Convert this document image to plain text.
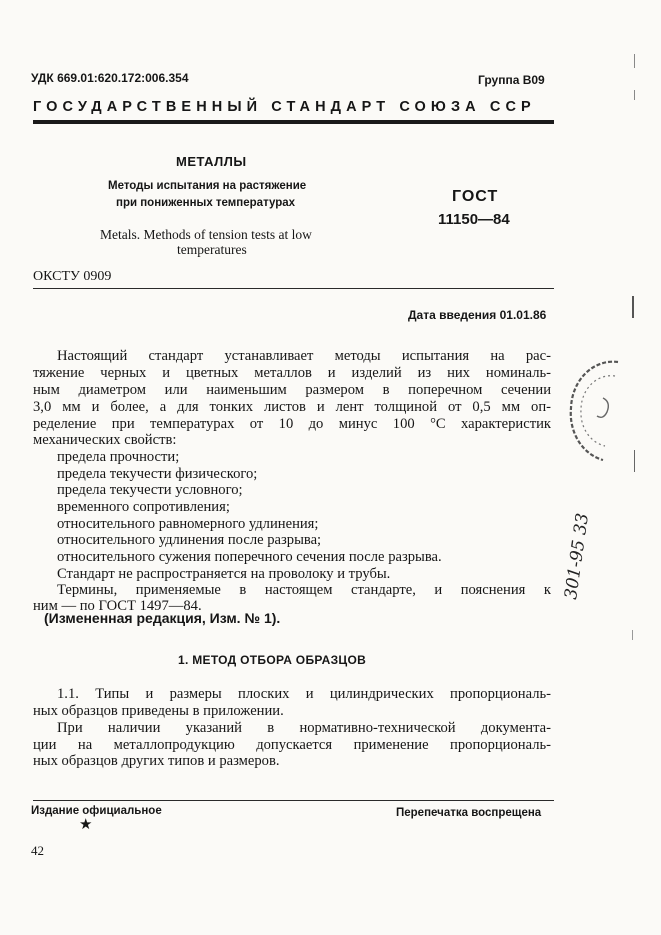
УДК 669.01:620.172:006.354	Группа В09
ГОСУДАРСТВЕННЫЙ СТАНДАРТ СОЮЗА ССР
МЕТАЛЛЫ
Методы испытания на растяжение
при пониженных температурах
Metals. Methods of tension tests at low
temperatures
ГОСТ
11150—84
ОКСТУ 0909
Дата введения 01.01.86
Настоящий стандарт устанавливает методы испытания на рас-
тяжение черных и цветных металлов и изделий из них номиналь-
ным диаметром или наименьшим размером в поперечном сечении
3,0 мм и более, а для тонких листов и лент толщиной от 0,5 мм оп-
ределение при температурах от 10 до минус 100 °С характеристик
механических свойств:
предела прочности;
предела текучести физического;
предела текучести условного;
временного сопротивления;
относительного равномерного удлинения;
относительного удлинения после разрыва;
относительного сужения поперечного сечения после разрыва.
Стандарт не распространяется на проволоку и трубы.
Термины, применяемые в настоящем стандарте, и пояснения к
ним — по ГОСТ 1497—84.
(Измененная редакция, Изм. № 1).
1. МЕТОД ОТБОРА ОБРАЗЦОВ
1.1. Типы и размеры плоских и цилиндрических пропорциональ-
ных образцов приведены в приложении.
При наличии указаний в нормативно-технической документа-
ции на металлопродукцию допускается применение пропорциональ-
ных образцов других типов и размеров.
Издание официальное	Перепечатка воспрещена
★
42
301-95 33
